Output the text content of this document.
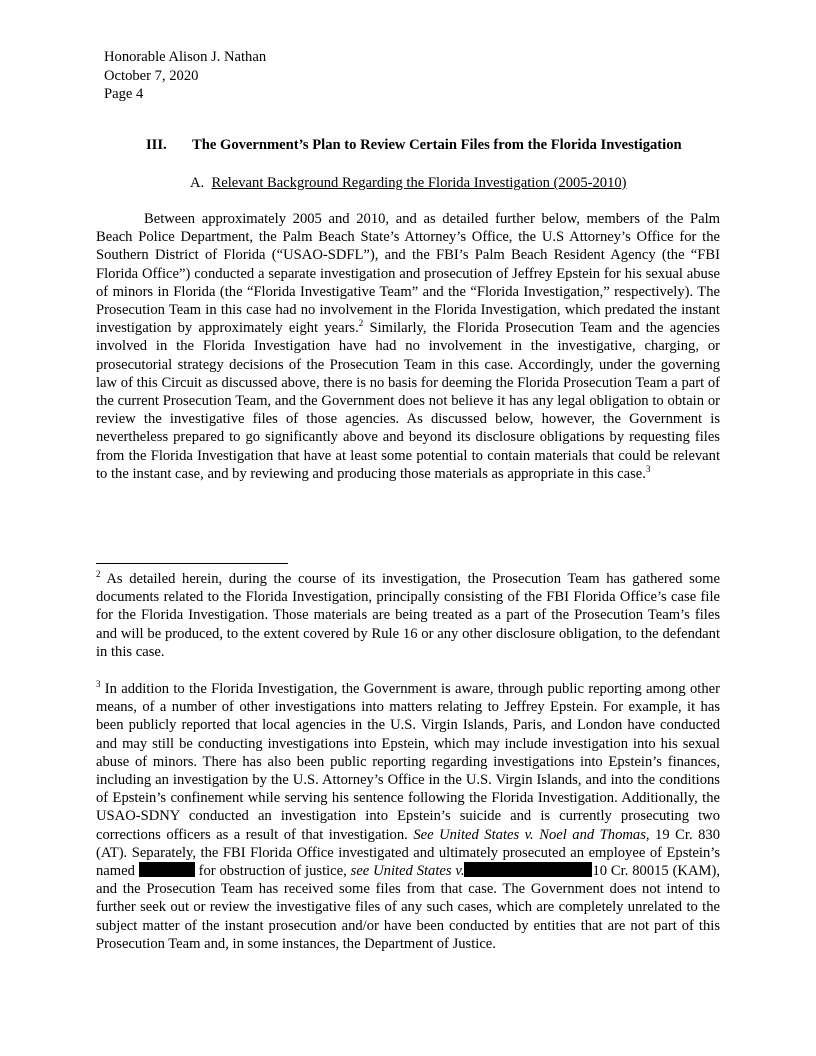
Honorable Alison J. Nathan
October 7, 2020
Page 4
III. The Government’s Plan to Review Certain Files from the Florida Investigation
A. Relevant Background Regarding the Florida Investigation (2005-2010)

Between approximately 2005 and 2010, and as detailed further below, members of the Palm Beach Police Department, the Palm Beach State’s Attorney’s Office, the U.S Attorney’s Office for the Southern District of Florida (“USAO-SDFL”), and the FBI’s Palm Beach Resident Agency (the “FBI Florida Office”) conducted a separate investigation and prosecution of Jeffrey Epstein for his sexual abuse of minors in Florida (the “Florida Investigative Team” and the “Florida Investigation,” respectively). The Prosecution Team in this case had no involvement in the Florida Investigation, which predated the instant investigation by approximately eight years.$^2$ Similarly, the Florida Prosecution Team and the agencies involved in the Florida Investigation have had no involvement in the investigative, charging, or prosecutorial strategy decisions of the Prosecution Team in this case. Accordingly, under the governing law of this Circuit as discussed above, there is no basis for deeming the Florida Prosecution Team a part of the current Prosecution Team, and the Government does not believe it has any legal obligation to obtain or review the investigative files of those agencies. As discussed below, however, the Government is nevertheless prepared to go significantly above and beyond its disclosure obligations by requesting files from the Florida Investigation that have at least some potential to contain materials that could be relevant to the instant case, and by reviewing and producing those materials as appropriate in this case.$^3$

$^2$ As detailed herein, during the course of its investigation, the Prosecution Team has gathered some documents related to the Florida Investigation, principally consisting of the FBI Florida Office’s case file for the Florida Investigation. Those materials are being treated as a part of the Prosecution Team’s files and will be produced, to the extent covered by Rule 16 or any other disclosure obligation, to the defendant in this case.

$^3$ In addition to the Florida Investigation, the Government is aware, through public reporting among other means, of a number of other investigations into matters relating to Jeffrey Epstein. For example, it has been publicly reported that local agencies in the U.S. Virgin Islands, Paris, and London have conducted and may still be conducting investigations into Epstein, which may include investigation into his sexual abuse of minors. There has also been public reporting regarding investigations into Epstein’s finances, including an investigation by the U.S. Attorney’s Office in the U.S. Virgin Islands, and into the conditions of Epstein’s confinement while serving his sentence following the Florida Investigation. Additionally, the USAO-SDNY conducted an investigation into Epstein’s suicide and is currently prosecuting two corrections officers as a result of that investigation. See United States v. Noel and Thomas, 19 Cr. 830 (AT). Separately, the FBI Florida Office investigated and ultimately prosecuted an employee of Epstein’s named	for obstruction of justice, see United States v.	10 Cr. 80015 (KAM), and the Prosecution Team has received some files from that case. The Government does not intend to further seek out or review the investigative files of any such cases, which are completely unrelated to the subject matter of the instant prosecution and/or have been conducted by entities that are not part of this Prosecution Team and, in some instances, the Department of Justice.
